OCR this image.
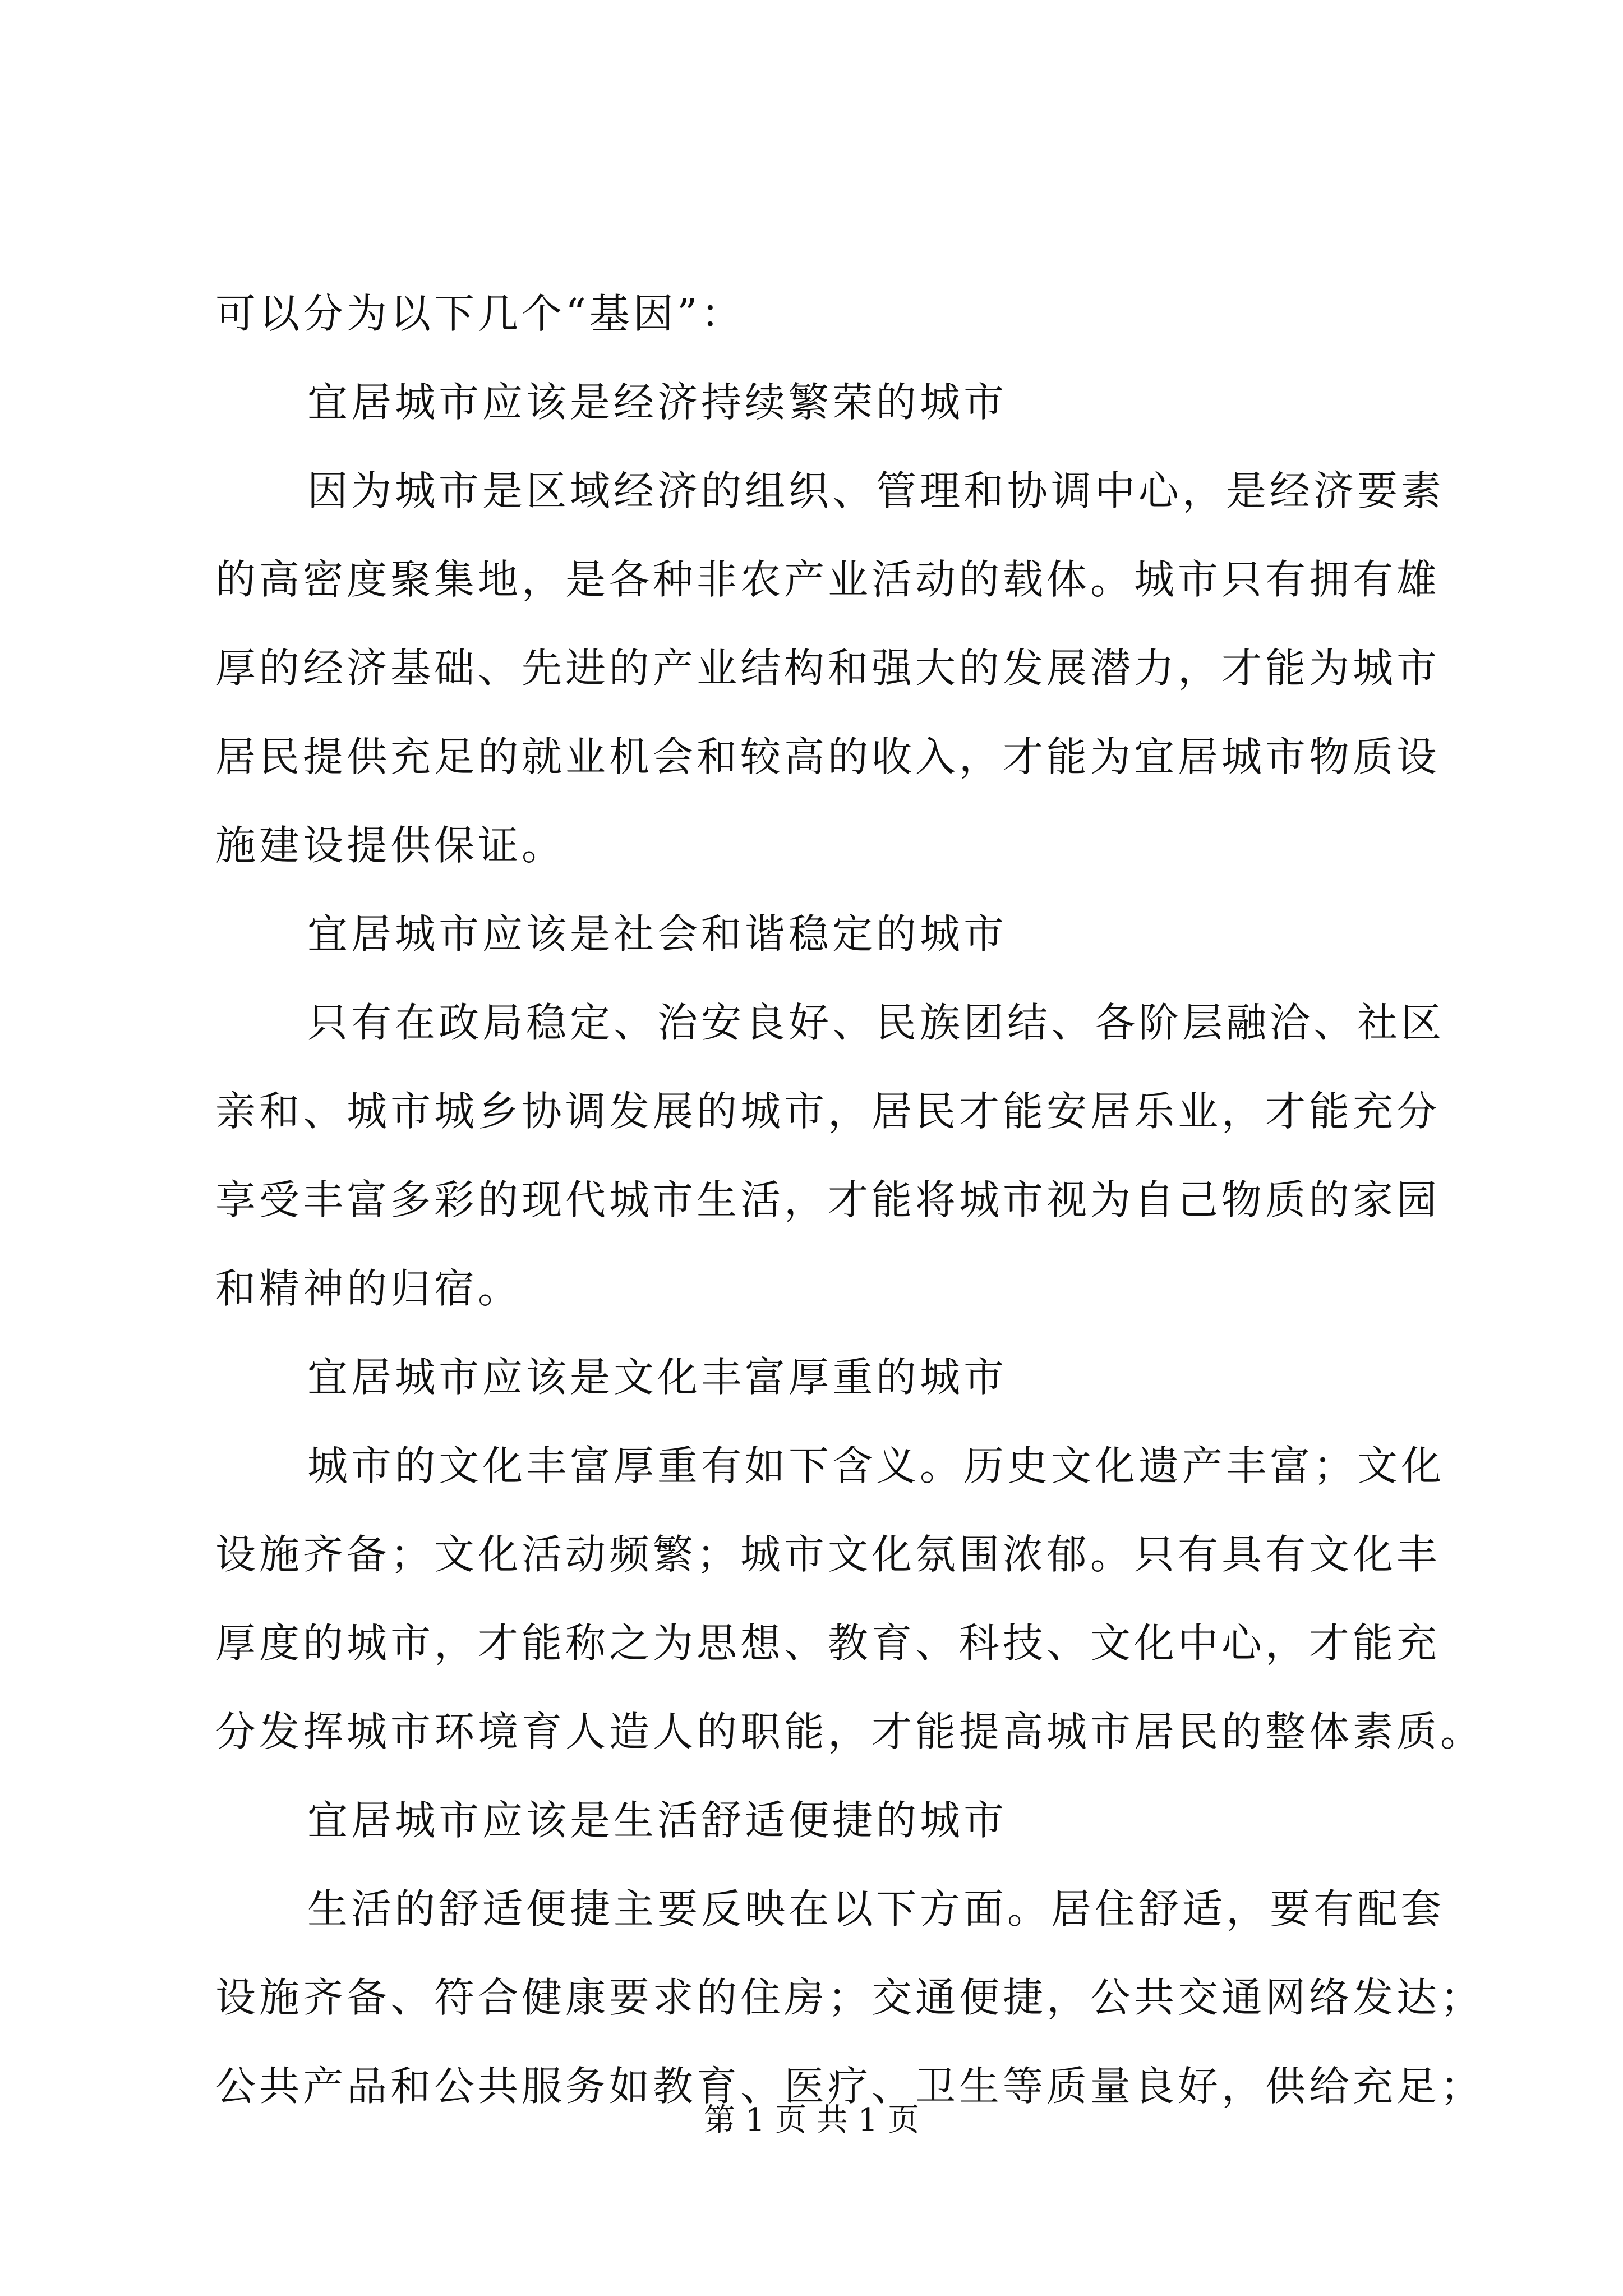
可以分为以下几个“基因”：
宜居城市应该是经济持续繁荣的城市
因为城市是区域经济的组织、管理和协调中心，是经济要素
的高密度聚集地，是各种非农产业活动的载体。城市只有拥有雄
厚的经济基础、先进的产业结构和强大的发展潜力，才能为城市
居民提供充足的就业机会和较高的收入，才能为宜居城市物质设
施建设提供保证。
宜居城市应该是社会和谐稳定的城市
只有在政局稳定、治安良好、民族团结、各阶层融洽、社区
亲和、城市城乡协调发展的城市，居民才能安居乐业，才能充分
享受丰富多彩的现代城市生活，才能将城市视为自己物质的家园
和精神的归宿。
宜居城市应该是文化丰富厚重的城市
城市的文化丰富厚重有如下含义。历史文化遗产丰富；文化
设施齐备；文化活动频繁；城市文化氛围浓郁。只有具有文化丰
厚度的城市，才能称之为思想、教育、科技、文化中心，才能充
分发挥城市环境育人造人的职能，才能提高城市居民的整体素质。
宜居城市应该是生活舒适便捷的城市
生活的舒适便捷主要反映在以下方面。居住舒适，要有配套
设施齐备、符合健康要求的住房；交通便捷，公共交通网络发达；
公共产品和公共服务如教育、医疗、卫生等质量良好，供给充足；
第 1 页 共 1 页
